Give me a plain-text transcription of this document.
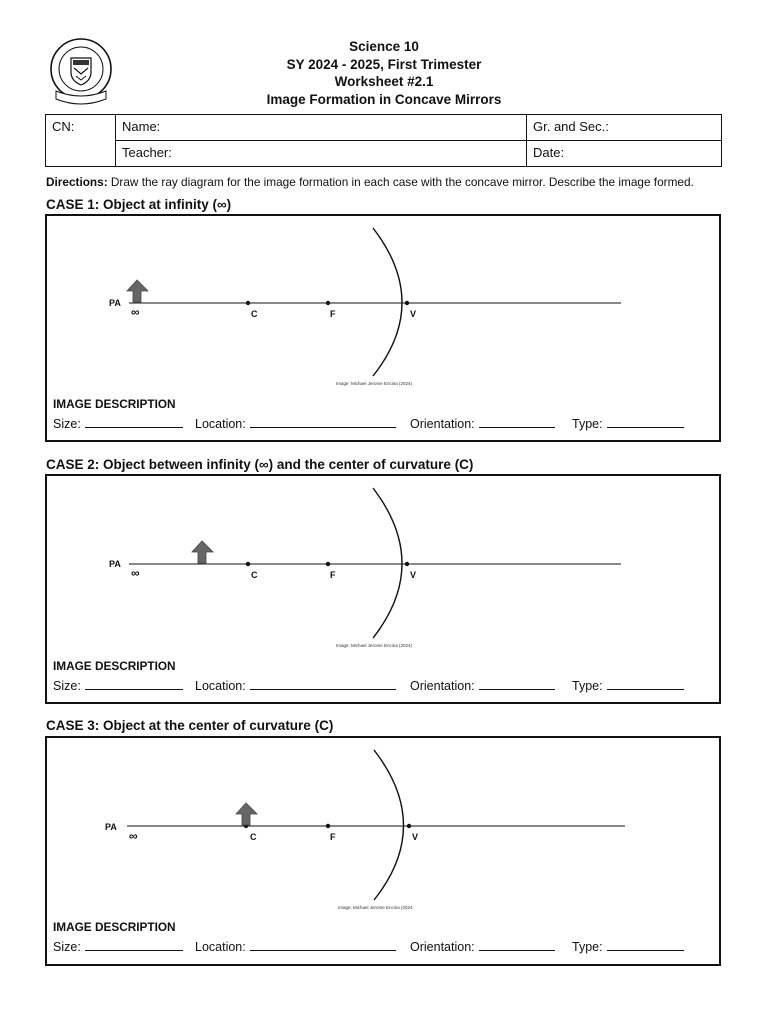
Science 10
SY 2024 - 2025, First Trimester
Worksheet #2.1
Image Formation in Concave Mirrors
CN:	Name:	Gr. and Sec.:
	Teacher:	Date:
Directions: Draw the ray diagram for the image formation in each case with the concave mirror. Describe the image formed.
CASE 1: Object at infinity (∞)
PA
∞	C	F	V
Image: Michael Jerome Encina (2024)
IMAGE DESCRIPTION
Size:	Location:	Orientation:	Type:
CASE 2: Object between infinity (∞) and the center of curvature (C)
PA
∞	C	F	V
Image: Michael Jerome Encina (2024)
IMAGE DESCRIPTION
Size:	Location:	Orientation:	Type:
CASE 3: Object at the center of curvature (C)
PA
∞	C	F	V
Image: Michael Jerome Encina (2024
IMAGE DESCRIPTION
Size:	Location:	Orientation:	Type:
